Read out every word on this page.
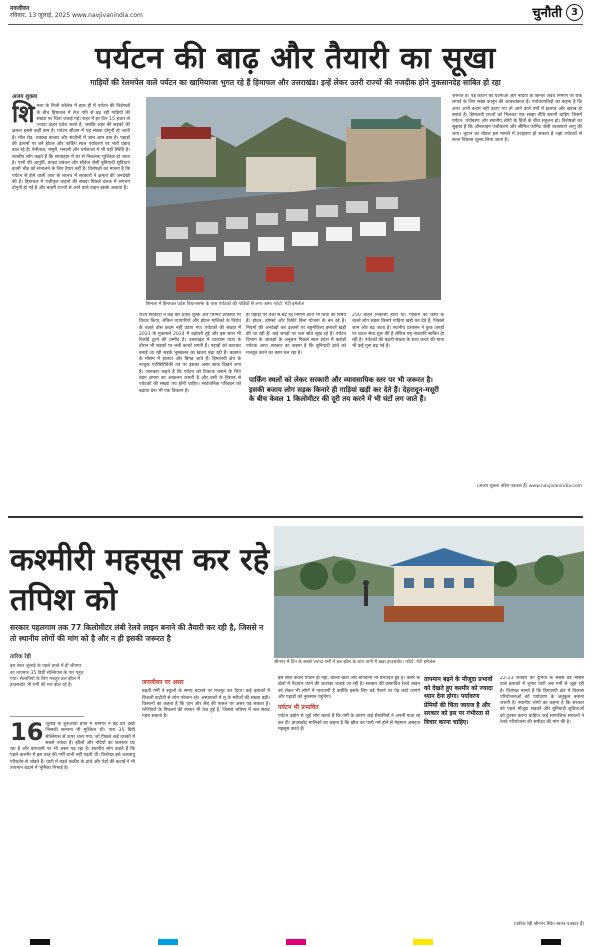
नवजीवन
रविवार, 13 जुलाई, 2025 www.navjivanindia.com	चुनौती 3
पर्यटन की बाढ़ और तैयारी का सूखा
गाड़ियों की रेलमपेल वाले पर्यटन का खामियाजा भुगत रहे हैं हिमाचल और उत्तराखंड। इन्हें लेकर उतरी राज्यों की नजदीक होने नुकसानदेह साबित हो रहा
अजय शुक्ला
शि मला के निजी कॉलेज में हाल ही में पर्यटन की विशेषज्ञों के बीच हिमाचल में तेज गति से बढ़ रही गाड़ियों की संख्या पर चिंता जताई गई। शहर में हर दिन 15 हजार से ज्यादा वाहन प्रवेश करते हैं, जबकि शहर की सड़कों की क्षमता इससे कहीं कम है। पर्यटन सीजन में यह संख्या दोगुनी हो जाती है। मॉल रोड, लक्कड़ बाजार और संजौली में जाम आम बात है। पहाड़ों की ढलानों पर बने होटल और पार्किंग स्थल पर्यावरण पर भारी दबाव डाल रहे हैं। नैनीताल, मसूरी, मनाली और धर्मशाला में भी यही स्थिति है। स्थानीय लोग कहते हैं कि सप्ताहांत में घर से निकलना मुश्किल हो जाता है। पानी की आपूर्ति, कचरा प्रबंधन और सीवेज जैसी बुनियादी सुविधाएं इतनी भीड़ को संभालने के लिए तैयार नहीं हैं। विशेषज्ञों का मानना है कि पर्यटन से होने वाली आय के लालच में सरकारों ने क्षमता की अनदेखी की है। हिमाचल में पंजीकृत वाहनों की संख्या पिछले दशक में लगभग दोगुनी हो गई है और बाहरी राज्यों से आने वाले वाहन इसके अलावा हैं।
शिमला में हिमाचल प्रदेश विधानसभा के पास पर्यटकों की गाड़ियों से लगा जाम। फोटो: गेटी इमेजेज
राज्य सरकारों ने कई बार प्रवेश शुल्क और परमिट व्यवस्था पर विचार किया, लेकिन व्यापारियों और होटल मालिकों के विरोध के चलते ठोस कदम नहीं उठाए गए। पर्यटकों की संख्या में 2023 के मुकाबले 2024 में बढ़ोतरी हुई और इस साल भी रिकॉर्ड टूटने की उम्मीद है। उत्तराखंड में चारधाम यात्रा के दौरान भी सड़कों पर लंबी कतारें लगती हैं। पहाड़ों को काटकर बनाई जा रही सड़कें भूस्खलन का खतरा बढ़ा रही हैं। बरसात के मौसम में हालात और बिगड़ जाते हैं। हिमालयी क्षेत्र के नाजुक पारिस्थितिकी तंत्र पर इसका असर साफ दिखने लगा है। जानकार कहते हैं कि पर्यटन को टिकाऊ बनाने के लिए वहन क्षमता का आकलन जरूरी है और उसी के हिसाब से पर्यटकों की संख्या तय होनी चाहिए। सार्वजनिक परिवहन को बढ़ावा देना भी एक विकल्प है।
ही पहाड़ों पर तेजी से बढ़ रहे निर्माण कार्य भी चिंता का विषय हैं। होटल, होमस्टे और रिसॉर्ट बिना योजना के बन रहे हैं। नियमों की अनदेखी कर ढलानों पर बहुमंजिला इमारतें खड़ी की जा रही हैं। कई जगहों पर जल स्रोत सूख रहे हैं। पर्यटन विभाग के आंकड़ों के अनुसार पिछले साल प्रदेश में करोड़ों पर्यटक आए। सरकार का कहना है कि बुनियादी ढांचे को मजबूत करने का काम चल रहा है।
250 वाहन निकासी होता था। पार्किंग की कमी के चलते लोग सड़क किनारे गाड़ियां खड़ी कर देते हैं, जिससे जाम और बढ़ जाता है। स्थानीय प्रशासन ने कुछ जगहों पर शटल सेवा शुरू की है लेकिन यह नाकाफी साबित हो रही है। पर्यटकों की बढ़ती संख्या के साथ कचरे की मात्रा भी कई गुना बढ़ गई है।
पार्किंग स्थलों को लेकर सरकारी और व्यावसायिक स्तर पर भी जरूरत है। इसकी बजाय लोग सड़क किनारे ही गाड़ियां खड़ी कर देते हैं। देहरादून-मसूरी के बीच केवल 1 किलोमीटर की दूरी तय करने में भी घंटों लग जाते हैं।
जरूरत है। पेड़ काटने की घटनाओं और नदियों के किनारे अवैध निर्माण पर रोक लगाने के लिए सख्त कानून की आवश्यकता है। पर्यावरणविदों का कहना है कि अगर अभी कदम नहीं उठाए गए तो आने वाले वर्षों में हालात और खराब हो सकते हैं। हिमालयी राज्यों को मिलकर एक साझा नीति बनानी चाहिए जिसमें पर्यटन, पर्यावरण और स्थानीय लोगों के हितों के बीच संतुलन हो। विशेषज्ञों का सुझाव है कि ऑनलाइन पंजीकरण और सीमित परमिट जैसी व्यवस्थाएं लागू की जाएं। भूटान का मॉडल इस मामले में उदाहरण हो सकता है जहां पर्यटकों से सतत विकास शुल्क लिया जाता है।
(अजय शुक्ला वरिष्ठ पत्रकार हैं) www.navjivanindia.com
कश्मीरी महसूस कर रहे तपिश को
सरकार पहलगाम तक 77 किलोमीटर लंबी रेलवे लाइन बनाने की तैयारी कर रही है, जिससे न तो स्थानीय लोगों की मांग को है और न ही इसकी जरूरत है
श्रीनगर में दिन के सबसे ज्यादा गर्मी में डल झील के शांत पानी में खड़ा हाउसबोट। फोटो: गेटी इमेजेज
तारिक रेही
इस साल जुलाई के पहले हफ्ते में ही श्रीनगर का तापमान 35 डिग्री सेल्सियस के पार पहुंच गया। सैलानियों के लिए मशहूर डल झील में हाउसबोट भी गर्मी की मार झेल रहे हैं।
16 जुलाई के शुरुआती हफ्ते में श्रीनगर ने वह दौर देखा जिसकी कल्पना भी मुश्किल थी। पारा 35 डिग्री सेल्सियस से ऊपर चला गया, जो पिछले कई दशकों में सबसे ज्यादा है। झीलों और नदियों का जलस्तर घट रहा है और बागवानी पर भी असर पड़ रहा है। स्थानीय लोग कहते हैं कि पहले कश्मीर में इस तरह की गर्मी कभी नहीं पड़ती थी। विशेषज्ञ इसे जलवायु परिवर्तन से जोड़ते हैं। घाटी में बढ़ते कंक्रीट के ढांचे और पेड़ों की कटाई ने भी तापमान बढ़ाने में भूमिका निभाई है।
जनजीवन पर असर
बढ़ती गर्मी ने स्कूलों के समय बदलने पर मजबूर कर दिया। कई इलाकों में बिजली कटौती से लोग परेशान रहे। अस्पतालों में लू के मरीजों की संख्या बढ़ी। किसानों का कहना है कि धान और सेब की फसल पर असर पड़ सकता है। ग्लेशियरों के पिघलने की रफ्तार भी तेज हुई है, जिससे भविष्य में जल संकट गहरा सकता है।
इस साल केवल पर्यटन ही नहीं, बल्कि खेती और बागवानी भी प्रभावित हुई है। केसर के खेतों में पैदावार घटने की आशंका जताई जा रही है। सरकार की प्रस्तावित रेलवे लाइन को लेकर भी लोगों में नाराजगी है क्योंकि इसके लिए बड़े पैमाने पर पेड़ काटे जाएंगे और पहाड़ों को नुकसान पहुंचेगा।
पर्यटन भी प्रभावित
पर्यटन उद्योग से जुड़े लोग बताते हैं कि गर्मी के कारण कई सैलानियों ने अपनी यात्रा रद्द कर दी। हाउसबोट मालिकों का कहना है कि झील का पानी गर्म होने से मेहमान असहज महसूस करते हैं।
तापमान बढ़ने के मौजूदा प्रभावों को देखते हुए कश्मीर को ज्यादा ध्यान देना होगा। पर्यावरण प्रेमियों की चिंता जायज है और सरकार को इस पर गंभीरता से विचार करना चाहिए।
22-23 जनवरी को दुनिया के सबसे ठंडे मौसम वाले इलाकों में शुमार घाटी अब गर्मी से जूझ रही है। विशेषज्ञ मानते हैं कि हिमालयी क्षेत्र में विकास परियोजनाओं को पर्यावरण के अनुकूल बनाना जरूरी है। स्थानीय लोगों का कहना है कि सरकार को पहले मौजूदा सड़कों और बुनियादी सुविधाओं को दुरुस्त करना चाहिए। कई सामाजिक संगठनों ने रेलवे परियोजना की समीक्षा की मांग की है।
(तारिक रेही श्रीनगर स्थित स्वतंत्र पत्रकार हैं)
